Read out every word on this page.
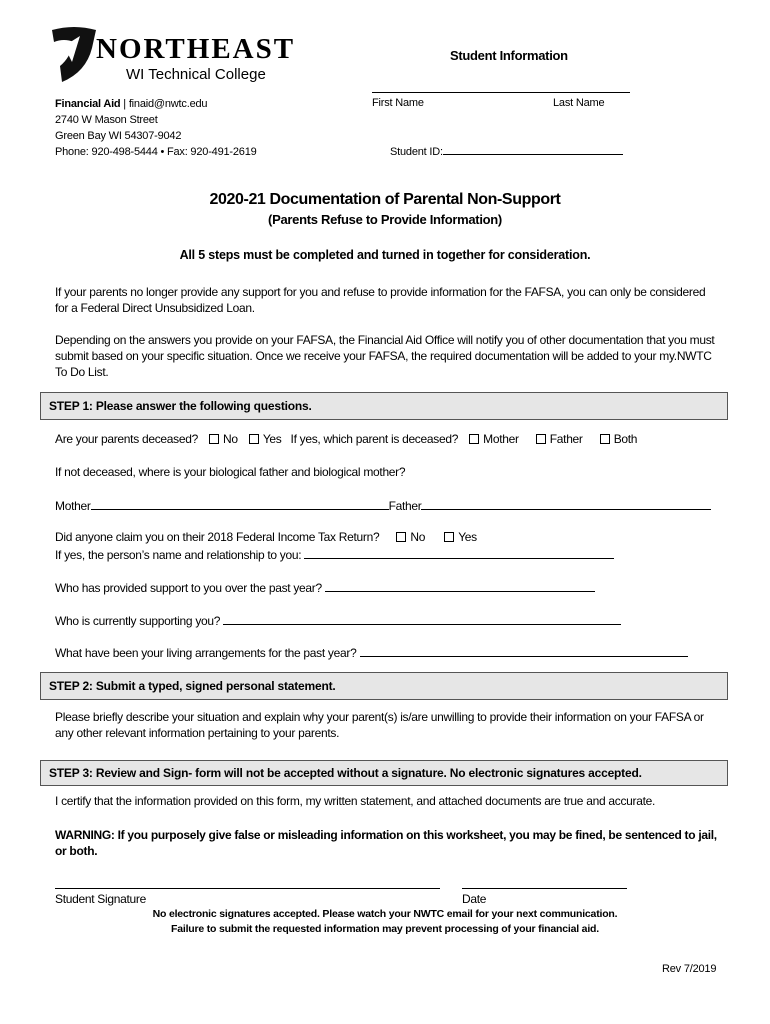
NORTHEAST
WI Technical College
Financial Aid | finaid@nwtc.edu
2740 W Mason Street
Green Bay WI 54307-9042
Phone: 920-498-5444 • Fax: 920-491-2619
Student Information
First Name	Last Name
Student ID:
2020-21 Documentation of Parental Non-Support
(Parents Refuse to Provide Information)
All 5 steps must be completed and turned in together for consideration.
If your parents no longer provide any support for you and refuse to provide information for the FAFSA, you can only be considered for a Federal Direct Unsubsidized Loan.
Depending on the answers you provide on your FAFSA, the Financial Aid Office will notify you of other documentation that you must submit based on your specific situation. Once we receive your FAFSA, the required documentation will be added to your my.NWTC To Do List.
STEP 1: Please answer the following questions.
Are your parents deceased? No Yes If yes, which parent is deceased? Mother	Father	Both
If not deceased, where is your biological father and biological mother?
Mother	Father
Did anyone claim you on their 2018 Federal Income Tax Return?	No	Yes
If yes, the person’s name and relationship to you:
Who has provided support to you over the past year?
Who is currently supporting you?
What have been your living arrangements for the past year?
STEP 2: Submit a typed, signed personal statement.
Please briefly describe your situation and explain why your parent(s) is/are unwilling to provide their information on your FAFSA or any other relevant information pertaining to your parents.
STEP 3: Review and Sign- form will not be accepted without a signature. No electronic signatures accepted.
I certify that the information provided on this form, my written statement, and attached documents are true and accurate.
WARNING: If you purposely give false or misleading information on this worksheet, you may be fined, be sentenced to jail, or both.
Student Signature	Date
No electronic signatures accepted. Please watch your NWTC email for your next communication.
Failure to submit the requested information may prevent processing of your financial aid.
Rev 7/2019
